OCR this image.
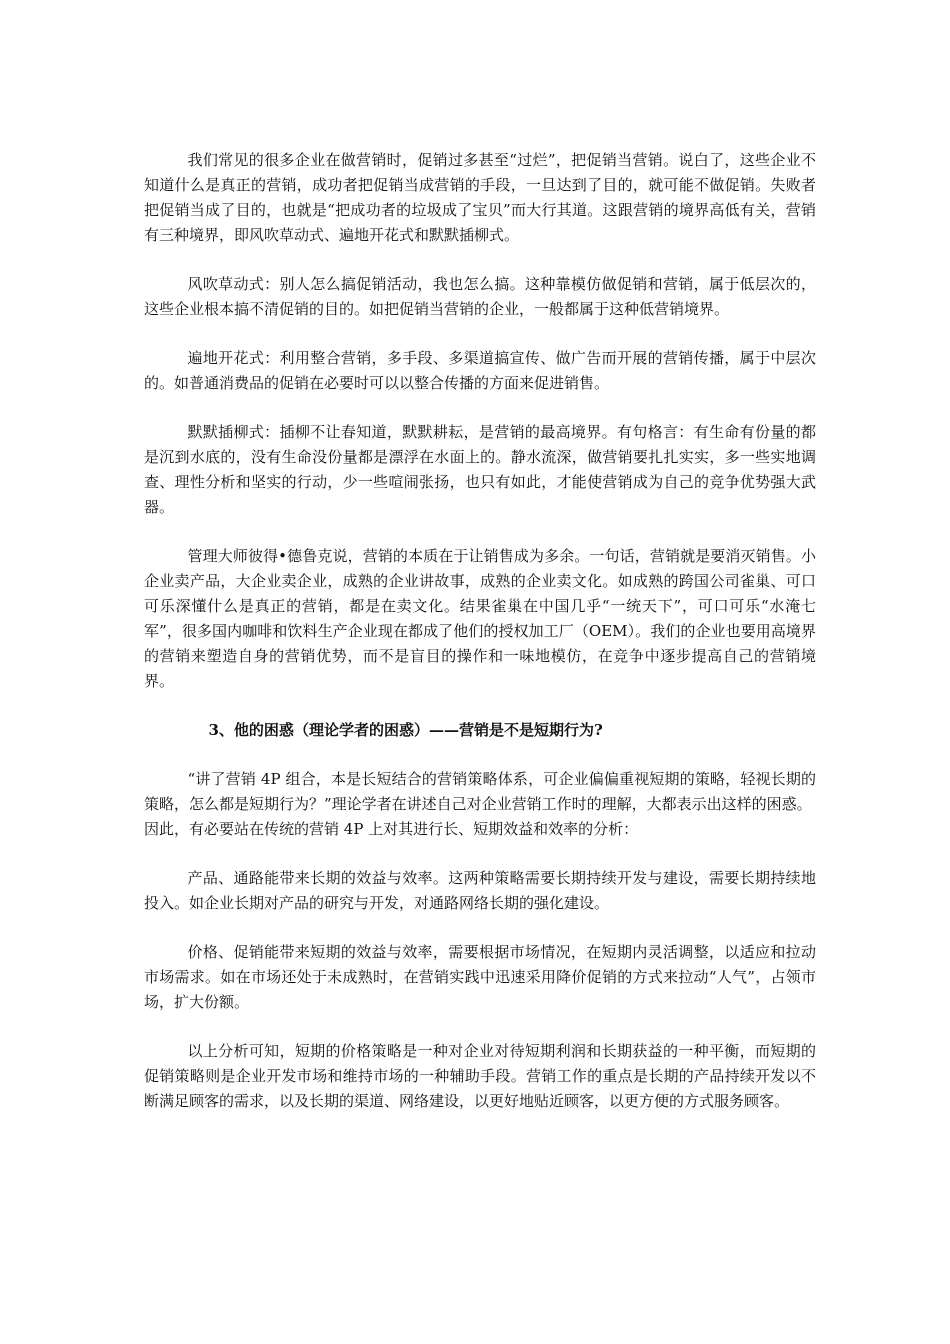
我们常见的很多企业在做营销时，促销过多甚至“过烂”，把促销当营销。说白了，这些企业不知道什么是真正的营销，成功者把促销当成营销的手段，一旦达到了目的，就可能不做促销。失败者把促销当成了目的，也就是“把成功者的垃圾成了宝贝”而大行其道。这跟营销的境界高低有关，营销有三种境界，即风吹草动式、遍地开花式和默默插柳式。

风吹草动式：别人怎么搞促销活动，我也怎么搞。这种靠模仿做促销和营销，属于低层次的，这些企业根本搞不清促销的目的。如把促销当营销的企业，一般都属于这种低营销境界。

遍地开花式：利用整合营销，多手段、多渠道搞宣传、做广告而开展的营销传播，属于中层次的。如普通消费品的促销在必要时可以以整合传播的方面来促进销售。

默默插柳式：插柳不让春知道，默默耕耘，是营销的最高境界。有句格言：有生命有份量的都是沉到水底的，没有生命没份量都是漂浮在水面上的。静水流深，做营销要扎扎实实，多一些实地调查、理性分析和坚实的行动，少一些喧闹张扬，也只有如此，才能使营销成为自己的竞争优势强大武器。

管理大师彼得•德鲁克说，营销的本质在于让销售成为多余。一句话，营销就是要消灭销售。小企业卖产品，大企业卖企业，成熟的企业讲故事，成熟的企业卖文化。如成熟的跨国公司雀巢、可口可乐深懂什么是真正的营销，都是在卖文化。结果雀巢在中国几乎“一统天下”，可口可乐“水淹七军”，很多国内咖啡和饮料生产企业现在都成了他们的授权加工厂（OEM）。我们的企业也要用高境界的营销来塑造自身的营销优势，而不是盲目的操作和一味地模仿，在竞争中逐步提高自己的营销境界。

3、他的困惑（理论学者的困惑）——营销是不是短期行为?

“讲了营销 4P 组合，本是长短结合的营销策略体系，可企业偏偏重视短期的策略，轻视长期的策略，怎么都是短期行为？”理论学者在讲述自己对企业营销工作时的理解，大都表示出这样的困惑。

因此，有必要站在传统的营销 4P 上对其进行长、短期效益和效率的分析：

产品、通路能带来长期的效益与效率。这两种策略需要长期持续开发与建设，需要长期持续地投入。如企业长期对产品的研究与开发，对通路网络长期的强化建设。

价格、促销能带来短期的效益与效率，需要根据市场情况，在短期内灵活调整，以适应和拉动市场需求。如在市场还处于未成熟时，在营销实践中迅速采用降价促销的方式来拉动“人气”，占领市场，扩大份额。

以上分析可知，短期的价格策略是一种对企业对待短期利润和长期获益的一种平衡，而短期的促销策略则是企业开发市场和维持市场的一种辅助手段。营销工作的重点是长期的产品持续开发以不断满足顾客的需求，以及长期的渠道、网络建设，以更好地贴近顾客，以更方便的方式服务顾客。
